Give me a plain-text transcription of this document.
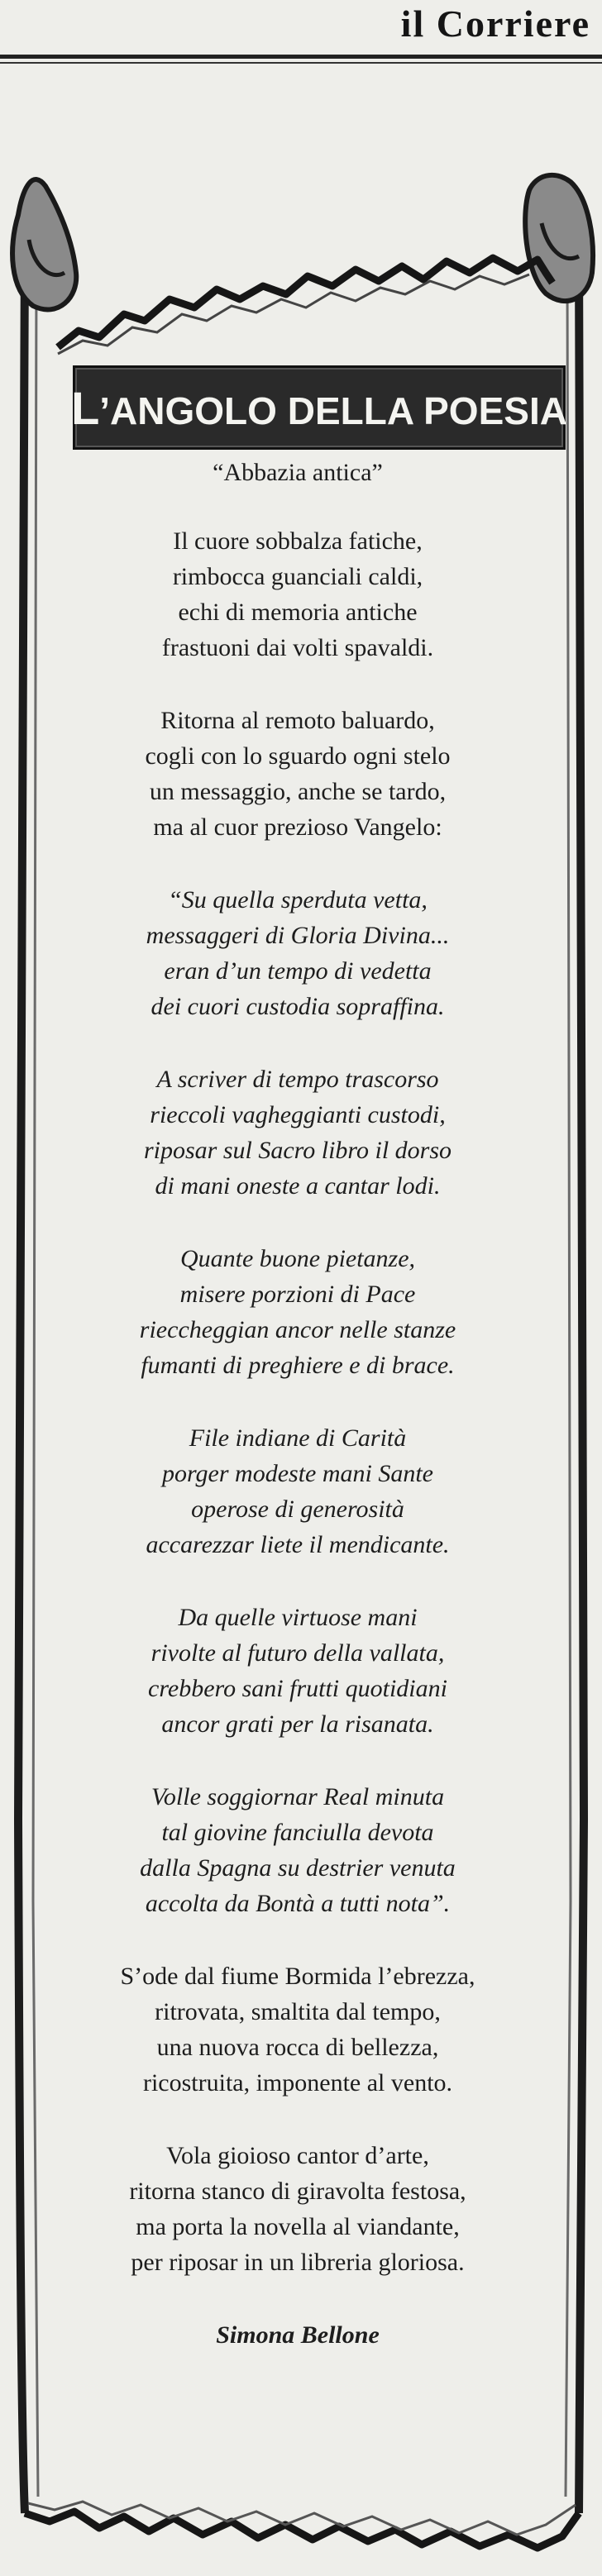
il Corriere
L’ANGOLO DELLA POESIA
“Abbazia antica”
Il cuore sobbalza fatiche,
rimbocca guanciali caldi,
echi di memoria antiche
frastuoni dai volti spavaldi.
Ritorna al remoto baluardo,
cogli con lo sguardo ogni stelo
un messaggio, anche se tardo,
ma al cuor prezioso Vangelo:
“Su quella sperduta vetta,
messaggeri di Gloria Divina...
eran d’un tempo di vedetta
dei cuori custodia sopraffina.
A scriver di tempo trascorso
rieccoli vagheggianti custodi,
riposar sul Sacro libro il dorso
di mani oneste a cantar lodi.
Quante buone pietanze,
misere porzioni di Pace
rieccheggian ancor nelle stanze
fumanti di preghiere e di brace.
File indiane di Carità
porger modeste mani Sante
operose di generosità
accarezzar liete il mendicante.
Da quelle virtuose mani
rivolte al futuro della vallata,
crebbero sani frutti quotidiani
ancor grati per la risanata.
Volle soggiornar Real minuta
tal giovine fanciulla devota
dalla Spagna su destrier venuta
accolta da Bontà a tutti nota”.
S’ode dal fiume Bormida l’ebrezza,
ritrovata, smaltita dal tempo,
una nuova rocca di bellezza,
ricostruita, imponente al vento.
Vola gioioso cantor d’arte,
ritorna stanco di giravolta festosa,
ma porta la novella al viandante,
per riposar in un libreria gloriosa.
Simona Bellone
